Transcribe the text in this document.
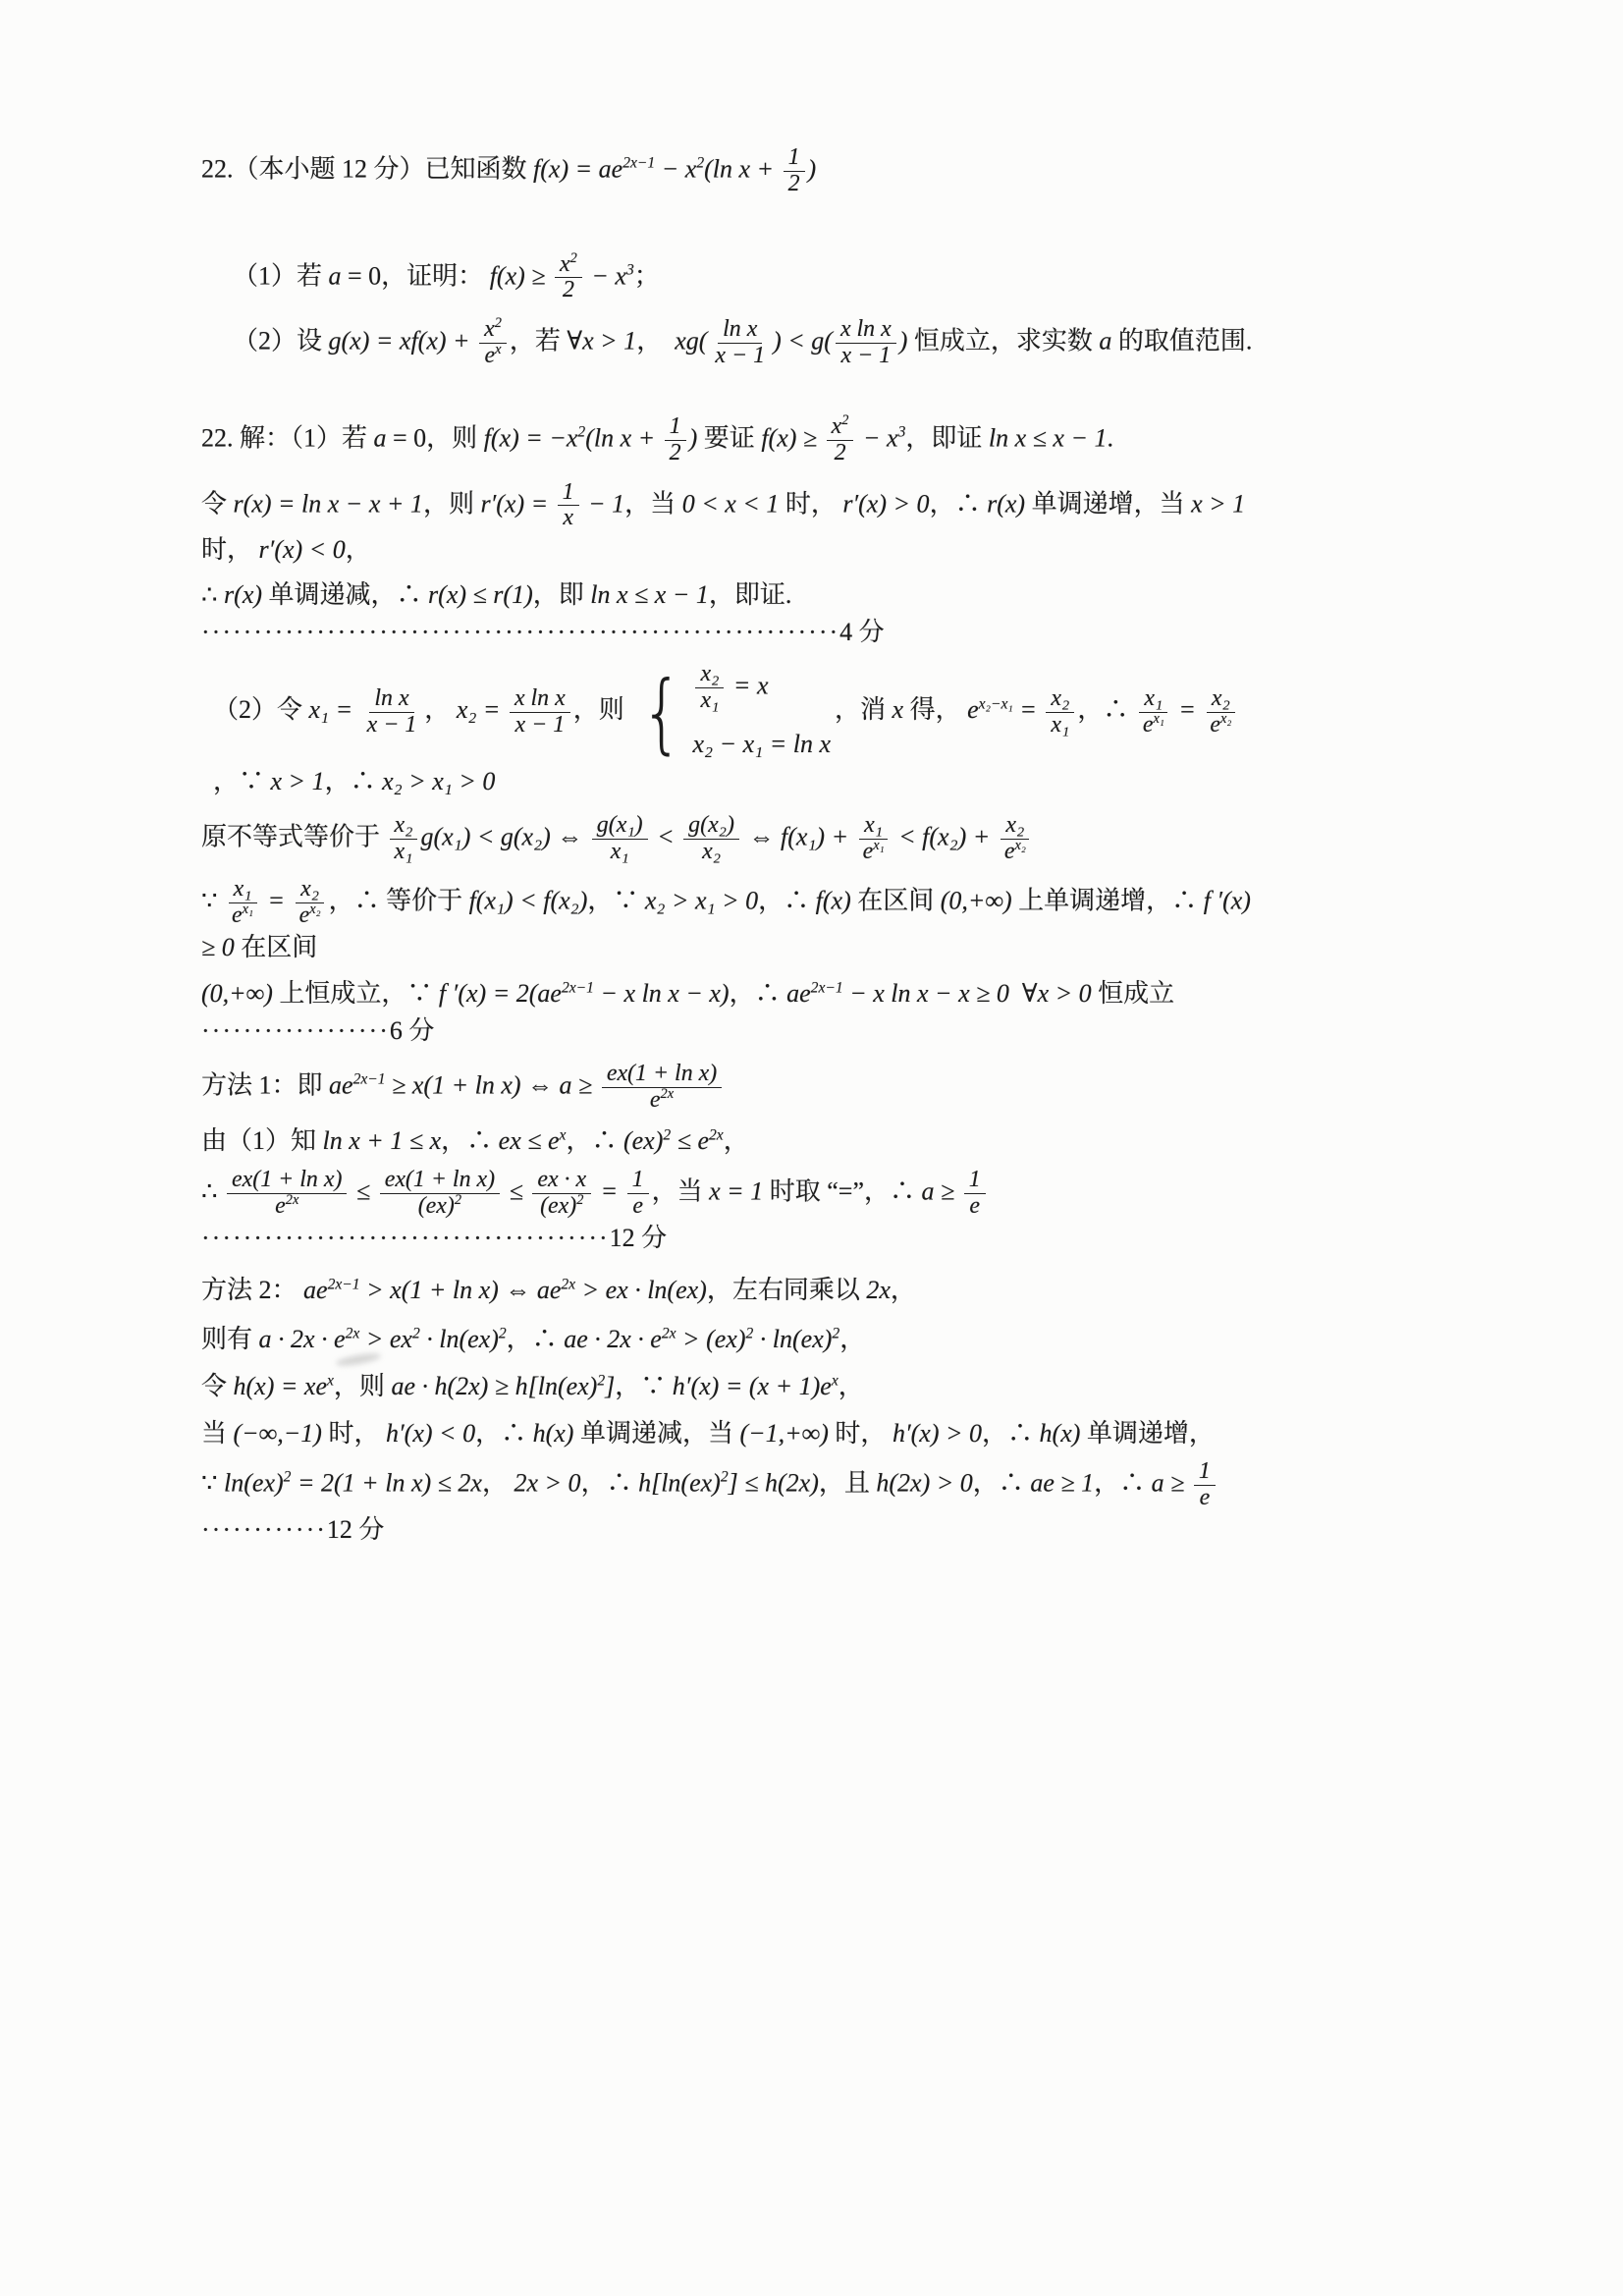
22.（本小题 12 分）已知函数 $f(x) = ae^{2x-1} - x^2(\ln$ $x + \frac{1}{2}$ )
（1）若 a = 0，证明： $f(x) \ge \frac{x^2}{2} - x^3$；
（2）设 $g(x) = xf(x) + \frac{x^2}{e^x}$ ，若 ∀x > 1，  $xg( \frac{\text{ln x}}{x - 1}$ ) < $g( \frac{\text{x ln x}}{x - 1}$ ) 恒成立，求实数 a 的取值范围.
22. 解：（1）若 a = 0，则 $f(x) = -x^2(\ln$ $x + \frac{1}{2}$ ) 要证 $f(x) \ge \frac{x^2}{2} - x^3$，即证 ln x ≤ x − 1.
令 r(x) = ln x − x + 1，则 $r'(x) = \frac{1}{x} - 1$，当 0 < x < 1 时， r′(x) > 0，∴ r(x) 单调递增，当 x > 1 时， r′(x) < 0，
∴ r(x) 单调递减，∴ r(x) ≤ r(1)，即 ln x ≤ x − 1，即证.　·····························································4 分
（2）令 $x_1 = \frac{\text{ln x}}{x - 1}$ ， $x_2 = \frac{\text{x ln x}}{x - 1}$ ，则 { $\frac{\text{x₂}}{\text{x₁}} = x$
x₂ − x₁ = ln x
，消 x 得， $e^{x_2-x_1} = \frac{\text{x₂}}{\text{x₁}}$ ，∴ $\frac{\text{x₁}}{e^{x_1}} = \frac{\text{x₂}}{e^{x_2}}$
，∵ x > 1，∴ x₂ > x₁ > 0
原不等式等价于 $\frac{\text{x₂}}{\text{x₁}} g(x_1) < g(x_2)$ ⇔ $\frac{\text{g(x₁)}}{\text{x₁}} < \frac{\text{g(x₂)}}{\text{x₂}}$ ⇔ $f(x_1) + \frac{\text{x₁}}{e^{x_1}} < f(x_2) + \frac{\text{x₂}}{e^{x_2}}$
∵ $\frac{\text{x₁}}{e^{x_1}} = \frac{\text{x₂}}{e^{x_2}}$ ，∴ 等价于 f(x₁) < f(x₂)，∵ x₂ > x₁ > 0，∴ f(x) 在区间 (0,+∞) 上单调递增，∴ f ′(x) ≥ 0 在区间
(0,+∞) 上恒成立，∵ f $'(x) = 2(ae^{2x-1} - x$ ln x − x)，∴ $ae^{2x-1} - x$ ln x − x ≥ 0  ∀x > 0 恒成立　··················6 分
方法 1：即 $ae^{2x-1} \ge x(1 + \ln x)$ ⇔ $a \ge \frac{\text{ex(1 + ln x)}}{e^{2x}}$
由（1）知 ln x + 1 ≤ x，∴ ex ≤ $e^x$，∴ $(ex)^2 \le e^{2x}$，
∴ $\frac{\text{ex(1 + ln x)}}{e^{2x}} \le \frac{\text{ex(1 + ln x)}}{(ex)^2} \le \frac{ex \cdot x}{(ex)^2} = \frac{1}{e}$ ，当 x = 1 时取 “=”，∴ $a \ge \frac{1}{e}$
　·······································12 分
方法 2： $ae^{2x-1} > x(1 + \ln x)$ ⇔ $ae^{2x}$ > ex · ln(ex)，左右同乘以 2x，
则有 $a \cdot 2x \cdot e^{2x} > ex^2 \cdot \ln(ex)^2$，∴ ae · $2x \cdot e^{2x} > (ex)^2 \cdot \ln(ex)^2$，
令 $h(x) = xe^x$，则 ae · h(2x) ≥ h[ln(ex)$^2$]，∵ $h'(x) = (x + 1)e^x$，
当 (−∞,−1) 时， h′(x) < 0，∴ h(x) 单调递减，当 (−1,+∞) 时， h′(x) > 0，∴ h(x) 单调递增，
∵ ln(ex)$^2$ = 2(1 + ln x) ≤ 2x， 2x > 0，∴ h[ln(ex)$^2$] ≤ h(2x)，且 h(2x) > 0，∴ ae ≥ 1，∴ $a \ge \frac{1}{e}$
　············12 分
